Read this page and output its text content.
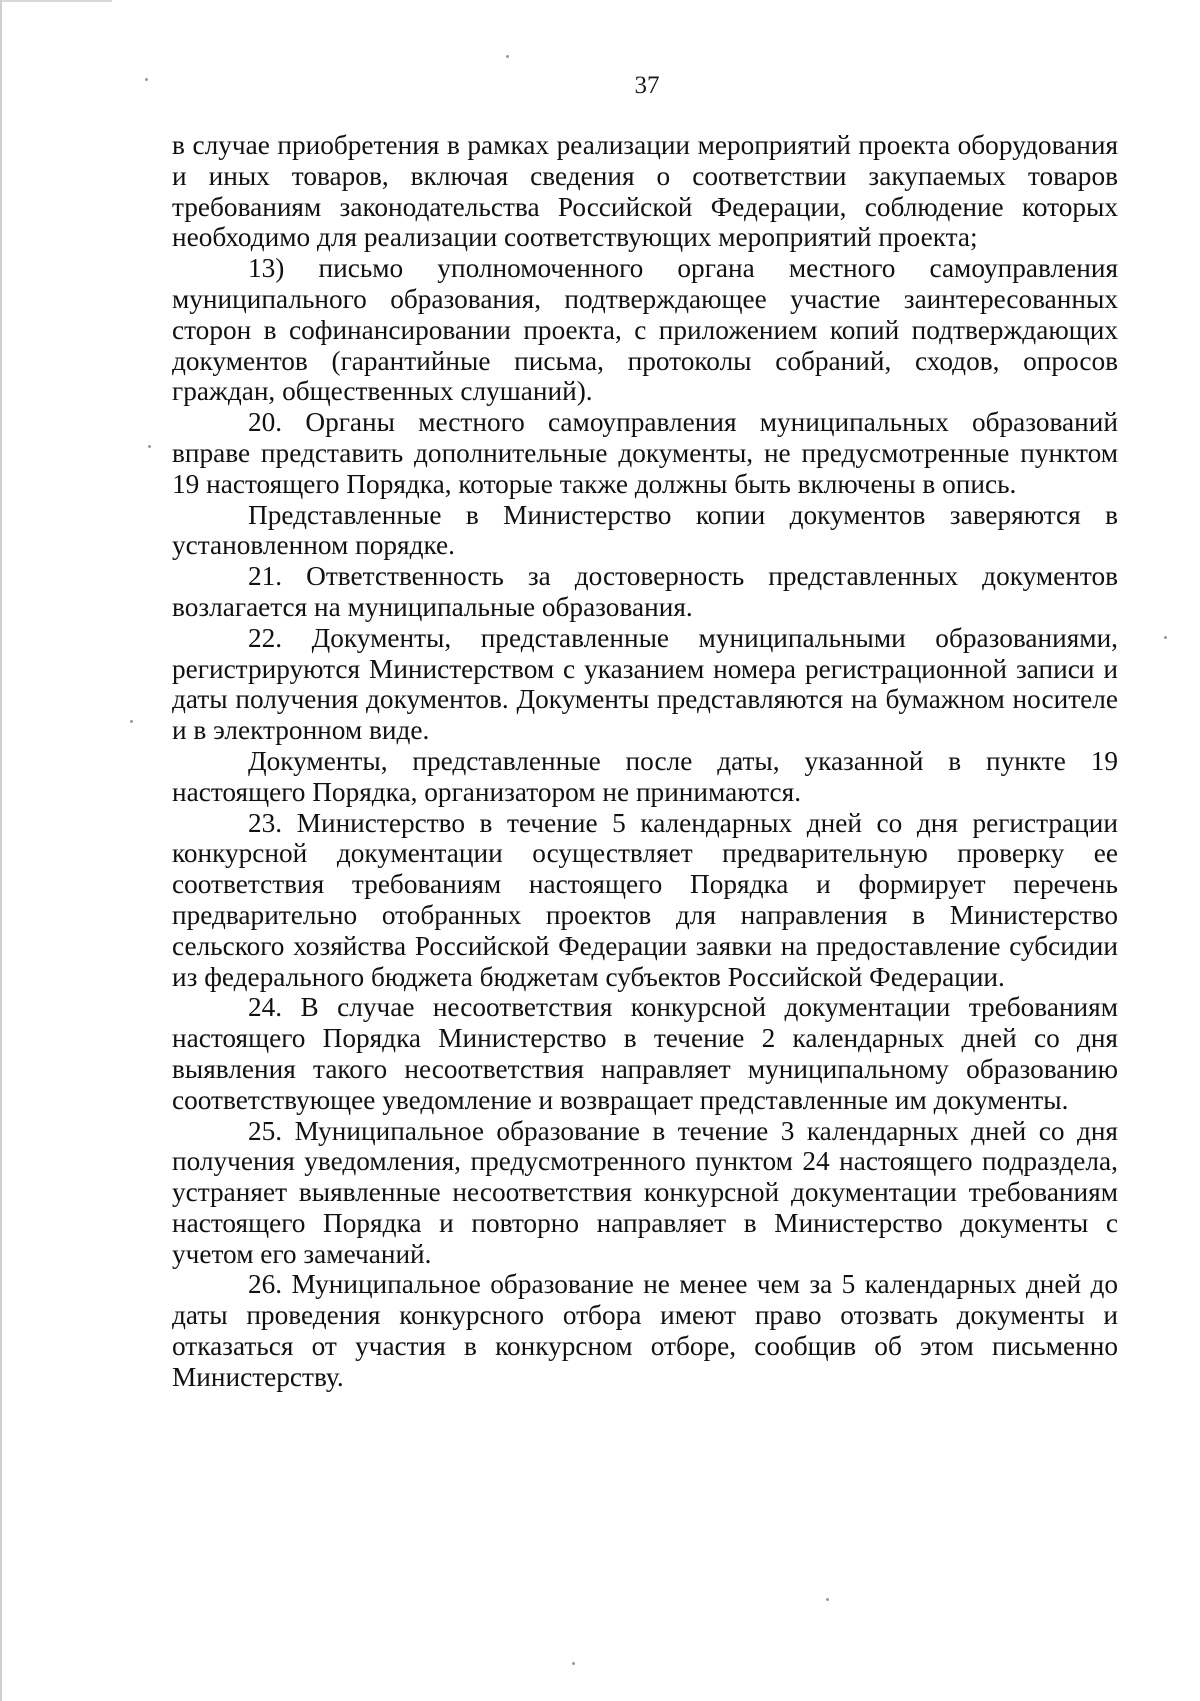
37

в случае приобретения в рамках реализации мероприятий проекта оборудования и иных товаров, включая сведения о соответствии закупаемых товаров требованиям законодательства Российской Федерации, соблюдение которых необходимо для реализации соответствующих мероприятий проекта;

13) письмо уполномоченного органа местного самоуправления муниципального образования, подтверждающее участие заинтересованных сторон в софинансировании проекта, с приложением копий подтверждающих документов (гарантийные письма, протоколы собраний, сходов, опросов граждан, общественных слушаний).

20. Органы местного самоуправления муниципальных образований вправе представить дополнительные документы, не предусмотренные пунктом 19 настоящего Порядка, которые также должны быть включены в опись.

Представленные в Министерство копии документов заверяются в установленном порядке.

21. Ответственность за достоверность представленных документов возлагается на муниципальные образования.

22. Документы, представленные муниципальными образованиями, регистрируются Министерством с указанием номера регистрационной записи и даты получения документов. Документы представляются на бумажном носителе и в электронном виде.

Документы, представленные после даты, указанной в пункте 19 настоящего Порядка, организатором не принимаются.

23. Министерство в течение 5 календарных дней со дня регистрации конкурсной документации осуществляет предварительную проверку ее соответствия требованиям настоящего Порядка и формирует перечень предварительно отобранных проектов для направления в Министерство сельского хозяйства Российской Федерации заявки на предоставление субсидии из федерального бюджета бюджетам субъектов Российской Федерации.

24. В случае несоответствия конкурсной документации требованиям настоящего Порядка Министерство в течение 2 календарных дней со дня выявления такого несоответствия направляет муниципальному образованию соответствующее уведомление и возвращает представленные им документы.

25. Муниципальное образование в течение 3 календарных дней со дня получения уведомления, предусмотренного пунктом 24 настоящего подраздела, устраняет выявленные несоответствия конкурсной документации требованиям настоящего Порядка и повторно направляет в Министерство документы с учетом его замечаний.

26. Муниципальное образование не менее чем за 5 календарных дней до даты проведения конкурсного отбора имеют право отозвать документы и отказаться от участия в конкурсном отборе, сообщив об этом письменно Министерству.
